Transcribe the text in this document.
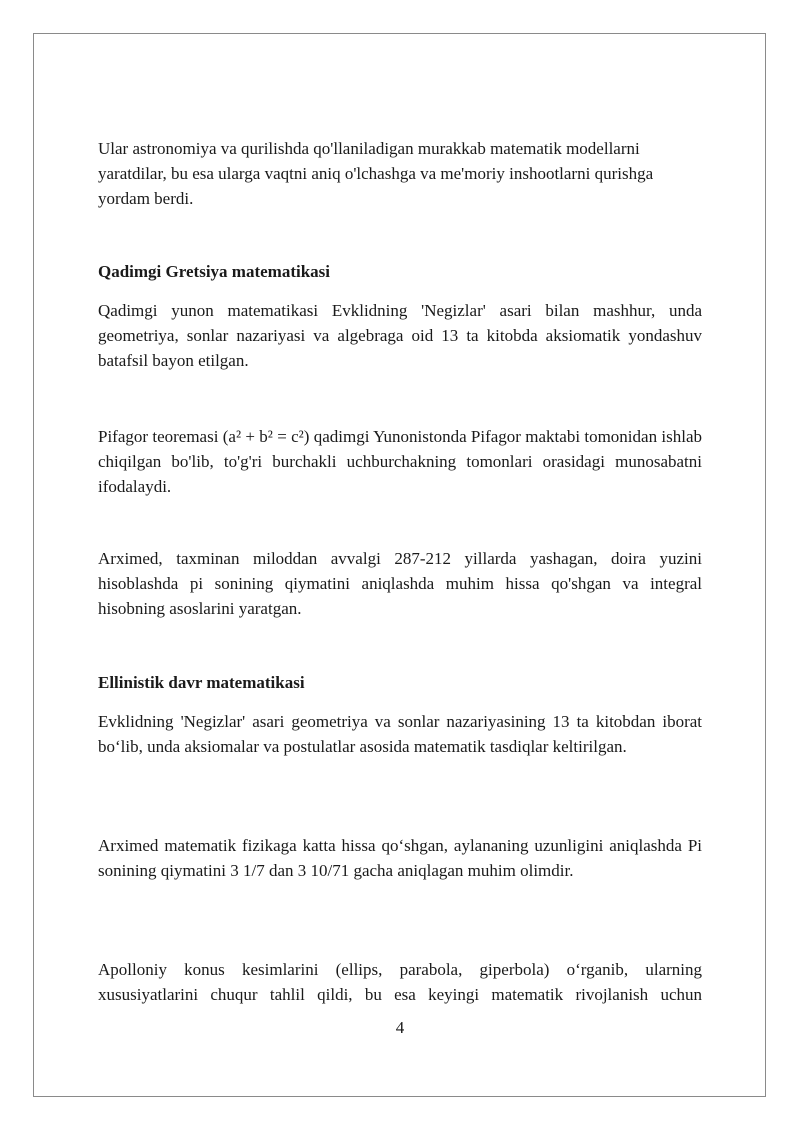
Ular astronomiya va qurilishda qo'llaniladigan murakkab matematik modellarni yaratdilar, bu esa ularga vaqtni aniq o'lchashga va me'moriy inshootlarni qurishga yordam berdi.

Qadimgi Gretsiya matematikasi

Qadimgi yunon matematikasi Evklidning 'Negizlar' asari bilan mashhur, unda geometriya, sonlar nazariyasi va algebraga oid 13 ta kitobda aksiomatik yondashuv batafsil bayon etilgan.

Pifagor teoremasi (a² + b² = c²) qadimgi Yunonistonda Pifagor maktabi tomonidan ishlab chiqilgan bo'lib, to'g'ri burchakli uchburchakning tomonlari orasidagi munosabatni ifodalaydi.

Arximed, taxminan miloddan avvalgi 287-212 yillarda yashagan, doira yuzini hisoblashda pi sonining qiymatini aniqlashda muhim hissa qo'shgan va integral hisobning asoslarini yaratgan.

Ellinistik davr matematikasi

Evklidning 'Negizlar' asari geometriya va sonlar nazariyasining 13 ta kitobdan iborat bo‘lib, unda aksiomalar va postulatlar asosida matematik tasdiqlar keltirilgan.

Arximed matematik fizikaga katta hissa qo‘shgan, aylananing uzunligini aniqlashda Pi sonining qiymatini 3 1/7 dan 3 10/71 gacha aniqlagan muhim olimdir.

Apolloniy konus kesimlarini (ellips, parabola, giperbola) o‘rganib, ularning xususiyatlarini chuqur tahlil qildi, bu esa keyingi matematik rivojlanish uchun

4
